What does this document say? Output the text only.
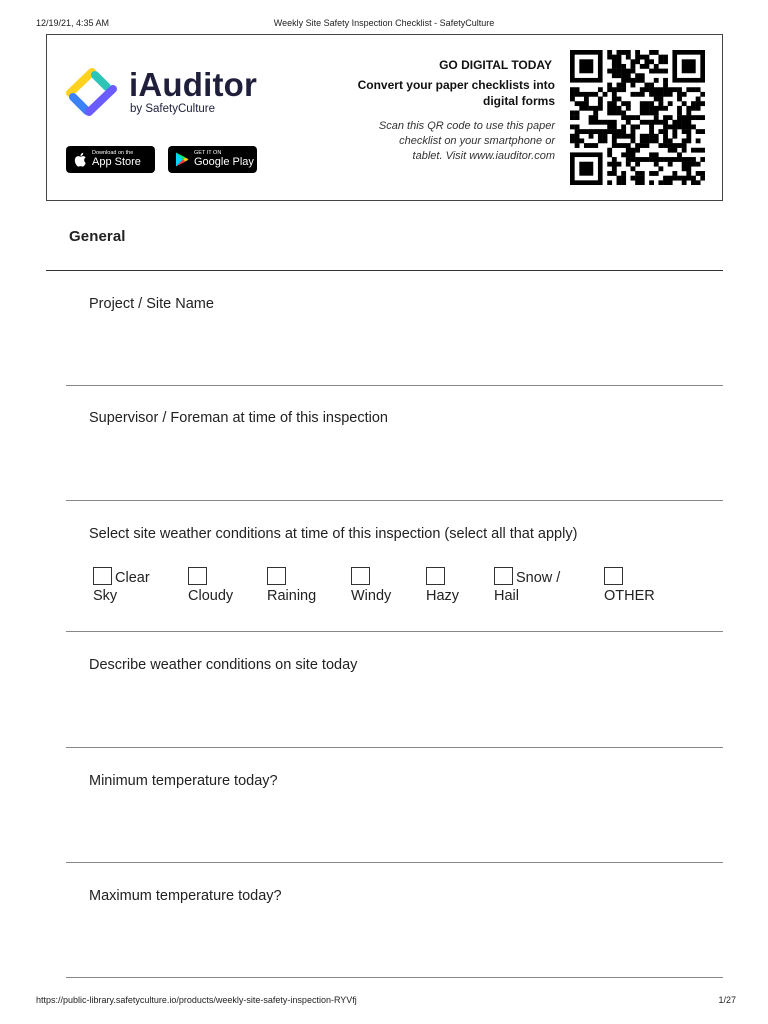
12/19/21, 4:35 AM	Weekly Site Safety Inspection Checklist - SafetyCulture
iAuditor
by SafetyCulture
Download on the
App Store
GET IT ON
Google Play
GO DIGITAL TODAY
Convert your paper checklists into digital forms
Scan this QR code to use this paper checklist on your smartphone or tablet. Visit www.iauditor.com
General
Project / Site Name
Supervisor / Foreman at time of this inspection
Select site weather conditions at time of this inspection (select all that apply)
Clear
Sky	Cloudy Raining Windy Hazy
Snow /
Hail	OTHER
Describe weather conditions on site today
Minimum temperature today?
Maximum temperature today?
https://public-library.safetyculture.io/products/weekly-site-safety-inspection-RYVfj	1/27
